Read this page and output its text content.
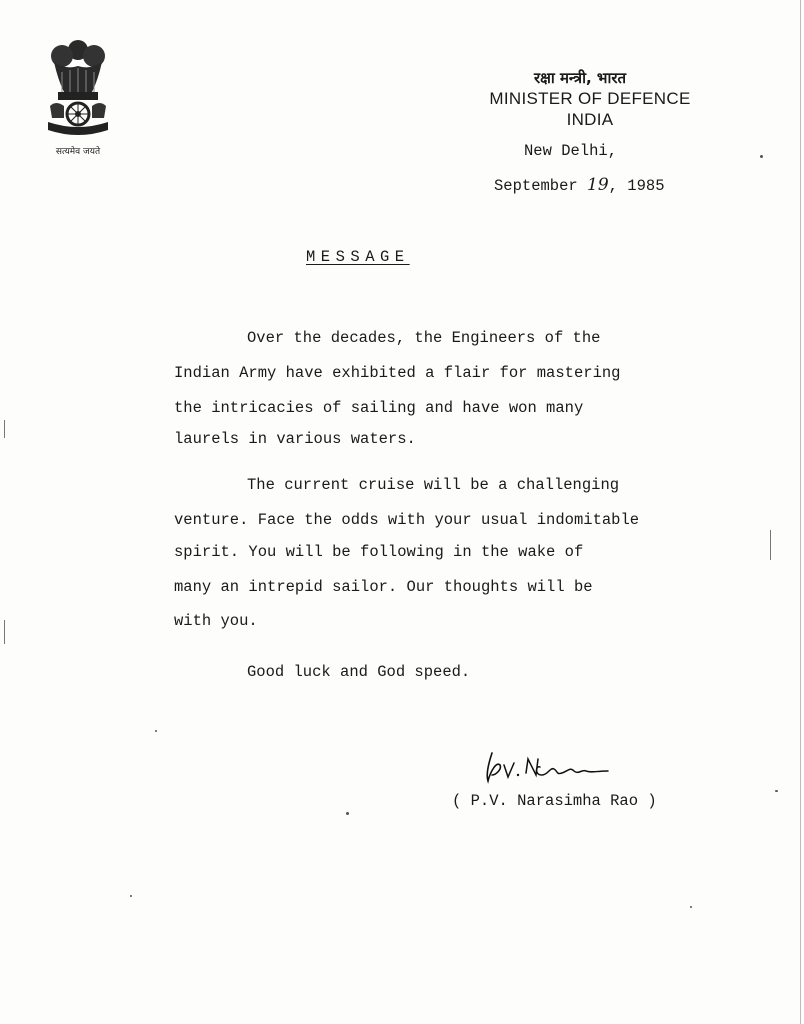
सत्यमेव जयते
रक्षा मन्त्री, भारत
MINISTER OF DEFENCE
INDIA
New Delhi,
September 19, 1985
MESSAGE
Over the decades, the Engineers of the
Indian Army have exhibited a flair for mastering
the intricacies of sailing and have won many
laurels in various waters.
The current cruise will be a challenging
venture. Face the odds with your usual indomitable
spirit. You will be following in the wake of
many an intrepid sailor. Our thoughts will be
with you.
Good luck and God speed.
( P.V. Narasimha Rao )
